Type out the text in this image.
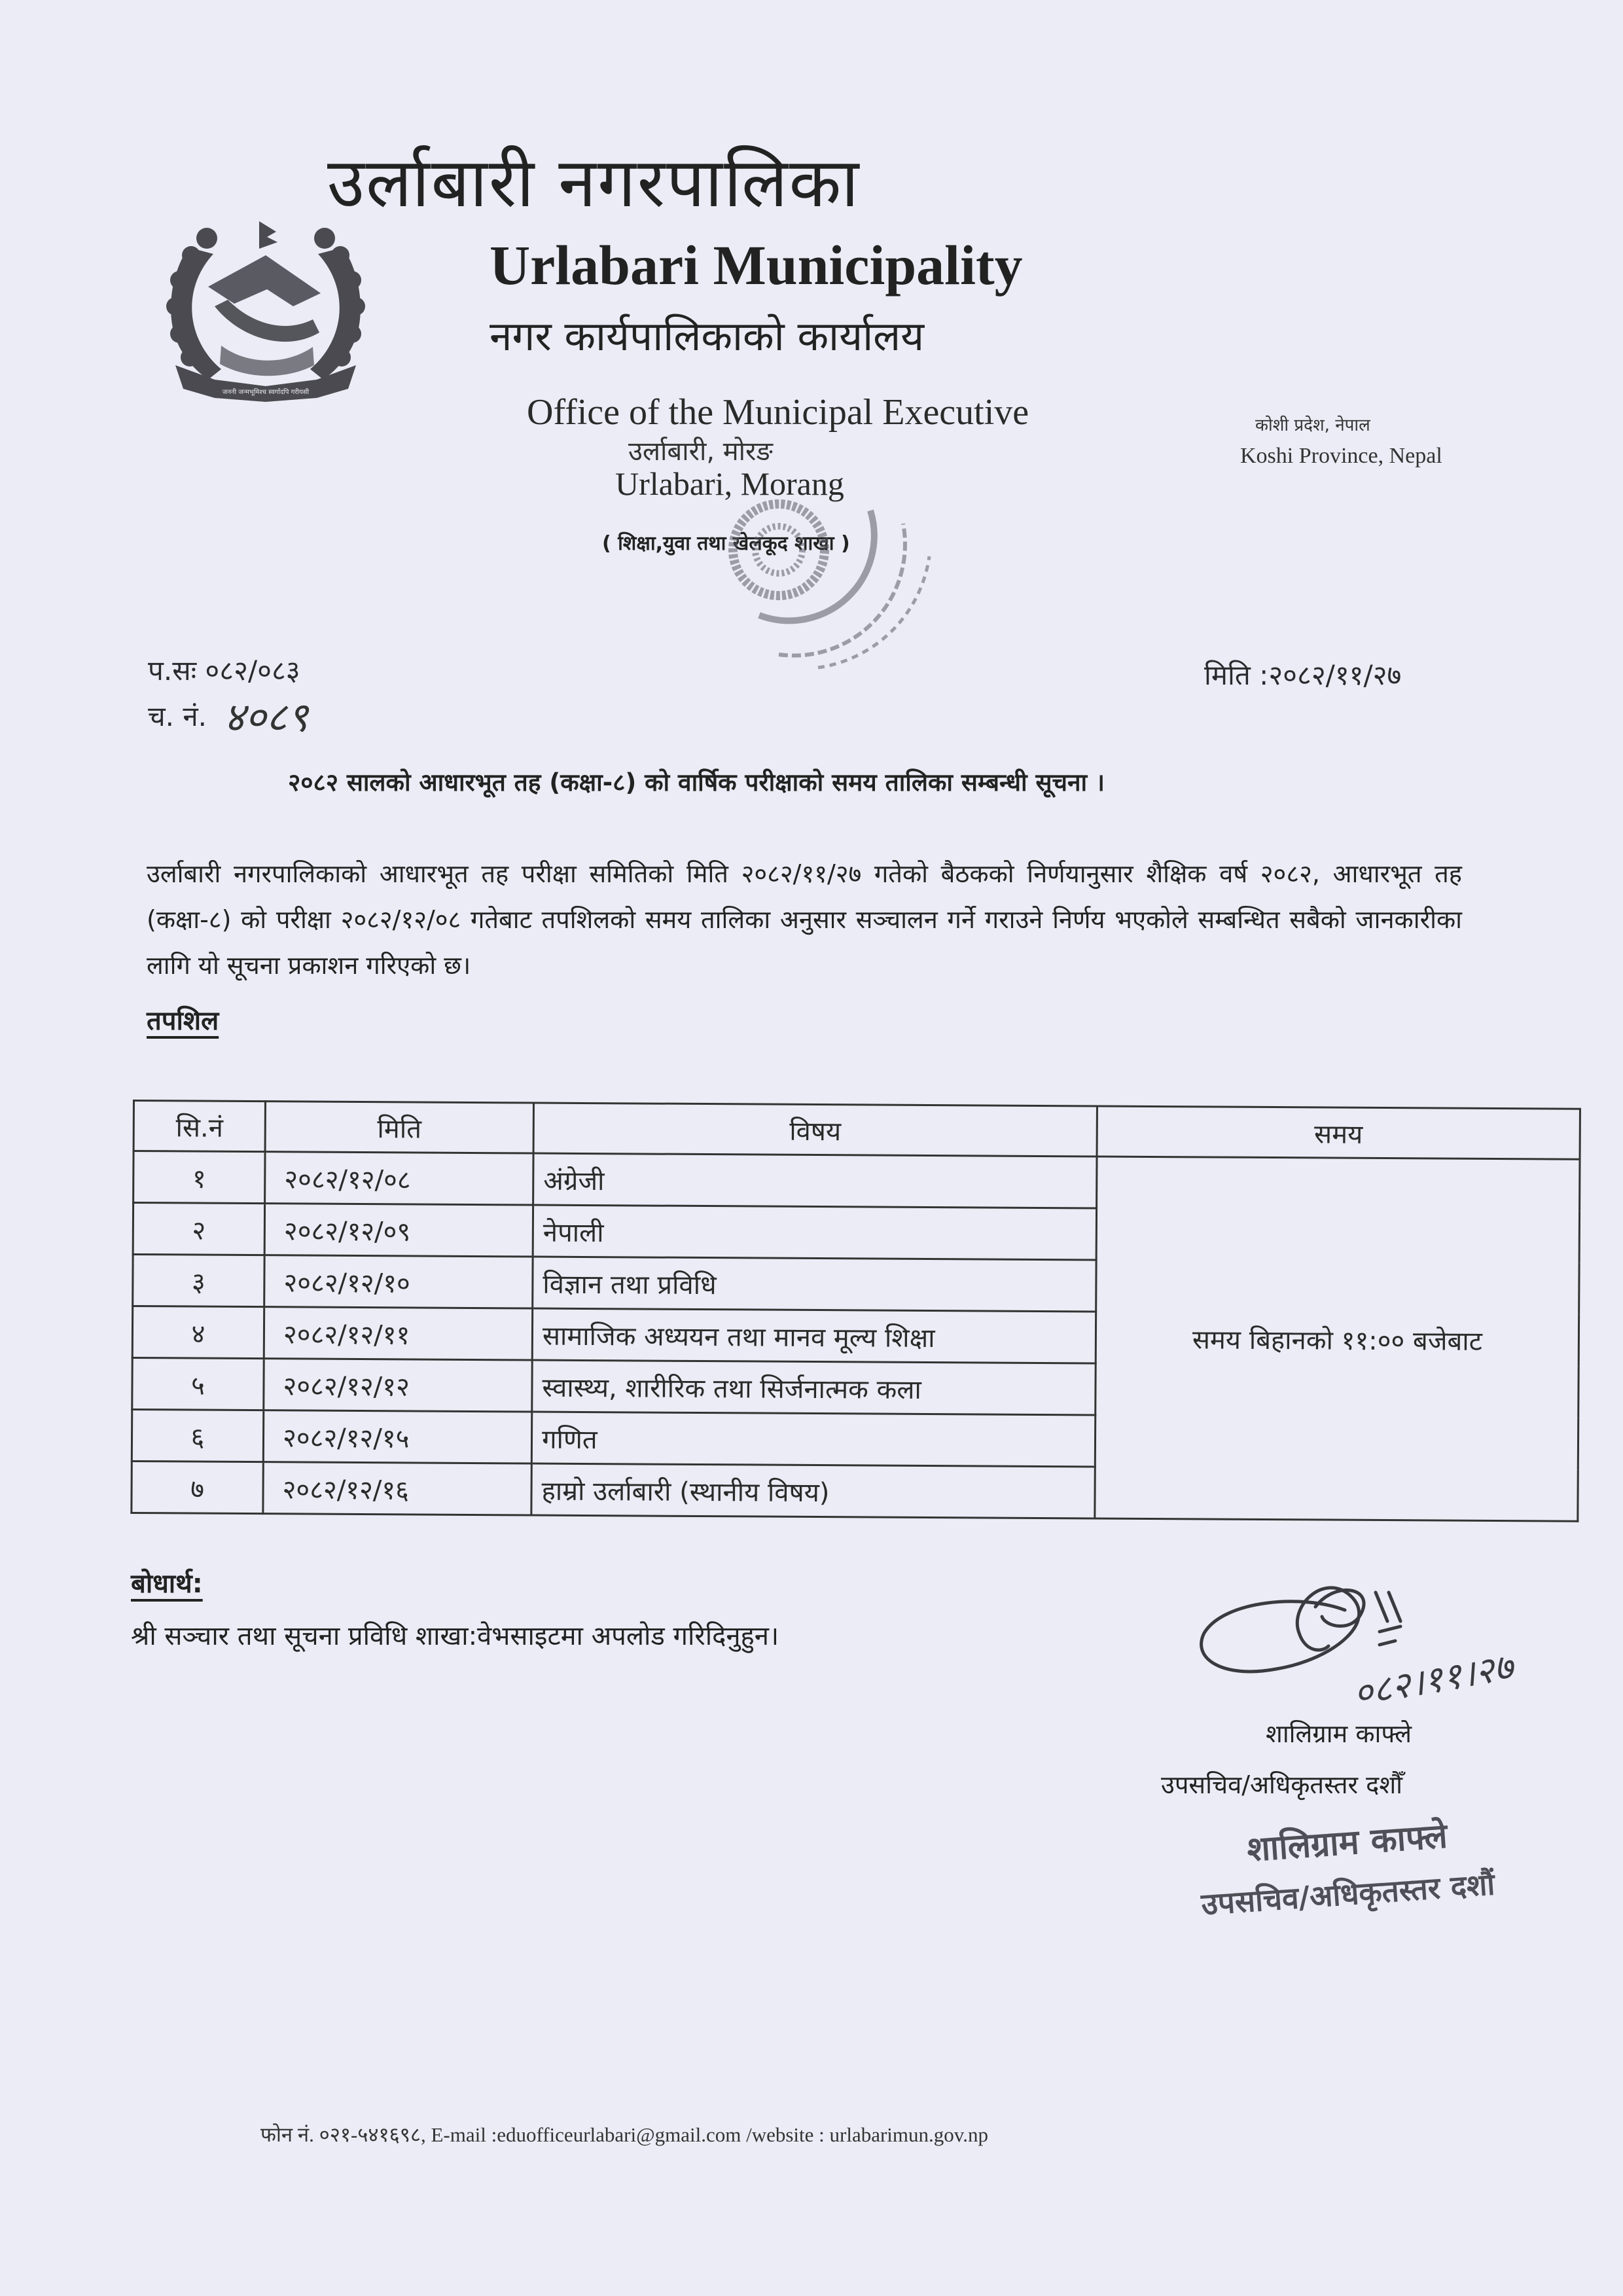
जननी जन्मभूमिश्च स्वर्गादपि गरीयसी
उर्लाबारी नगरपालिका
Urlabari Municipality
नगर कार्यपालिकाको कार्यालय
Office of the Municipal Executive
उर्लाबारी, मोरङ
Urlabari, Morang
( शिक्षा,युवा तथा खेलकूद शाखा )
कोशी प्रदेश, नेपाल
Koshi Province, Nepal
प.सः ०८२/०८३
च. नं. ४०८९
मिति :२०८२/११/२७
२०८२ सालको आधारभूत तह (कक्षा-८) को वार्षिक परीक्षाको समय तालिका सम्बन्धी सूचना ।
उर्लाबारी नगरपालिकाको आधारभूत तह परीक्षा समितिको मिति २०८२/११/२७ गतेको बैठकको निर्णयानुसार शैक्षिक वर्ष २०८२, आधारभूत तह (कक्षा-८) को परीक्षा २०८२/१२/०८ गतेबाट तपशिलको समय तालिका अनुसार सञ्चालन गर्ने गराउने निर्णय भएकोले सम्बन्धित सबैको जानकारीका लागि यो सूचना प्रकाशन गरिएको छ।
तपशिल
सि.नं	मिति	विषय	समय
१	२०८२/१२/०८	अंग्रेजी	समय बिहानको ११:०० बजेबाट
२	२०८२/१२/०९	नेपाली	
३	२०८२/१२/१०	विज्ञान तथा प्रविधि	
४	२०८२/१२/११	सामाजिक अध्ययन तथा मानव मूल्य शिक्षा	
५	२०८२/१२/१२	स्वास्थ्य, शारीरिक तथा सिर्जनात्मक कला	
६	२०८२/१२/१५	गणित	
७	२०८२/१२/१६	हाम्रो उर्लाबारी (स्थानीय विषय)	
बोधार्थ:
श्री सञ्चार तथा सूचना प्रविधि शाखा:वेभसाइटमा अपलोड गरिदिनुहुन।
०८२।११।२७
शालिग्राम काफ्ले
उपसचिव/अधिकृतस्तर दशौँ
शालिग्राम काफ्ले
उपसचिव/अधिकृतस्तर दशौं
फोन नं. ०२१-५४१६९८, E-mail :eduofficeurlabari@gmail.com /website : urlabarimun.gov.np
